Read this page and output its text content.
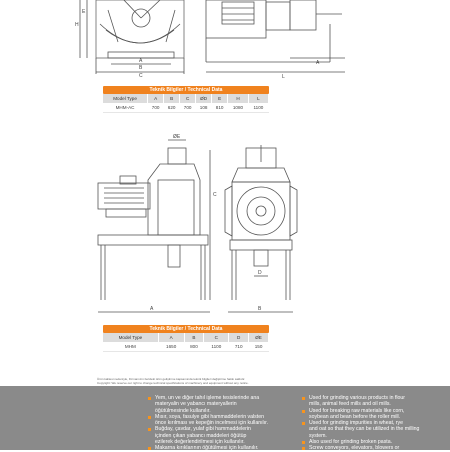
A
B
C
E
H
A
L
ØE
C
A	B
D
Teknik Bilgiler / Technical Data
Model Type	A	B	C	ØD	E	H	L
MHM-AC	700	620	700	108	810	1080	1100
Teknik Bilgiler / Technical Data
Model Type	A	B	C	D	ØE
MHM	1650	800	1100	710	150
Ürün kalitesi nedeniyle, Firmamızın ilerideki ürün geliştirme kapsamında teknik bilgileri değiştirme hakkı saklıdır.
Copyright: We reserve our right to change technical specifications of machinery and equipment without any notice.
Yem, un ve diğer tahıl işleme tesislerinde ana
materyalin ve yabancı materyallerin
öğütülmesinde kullanılır.
Mısır, soya, fasulye gibi hammaddelerin valsten
önce kırılması ve kepeğin incelmesi için kullanılır.
Buğday, çavdar, yulaf gibi hammaddelerin
içinden çıkan yabancı maddeleri öğütüp
ezilerek değerlendirilmesi için kullanılır.
Makarna kırıklarının öğütülmesi için kullanılır.
Used for grinding various products in flour
mills, animal feed mills and oil mills.
Used for breaking raw materials like corn,
soybean and bean before the roller mill.
Used for grinding impurities in wheat, rye
and oat so that they can be utilized in the milling
system.
Also used for grinding broken pasta.
Screw conveyors, elevators, blowers or
